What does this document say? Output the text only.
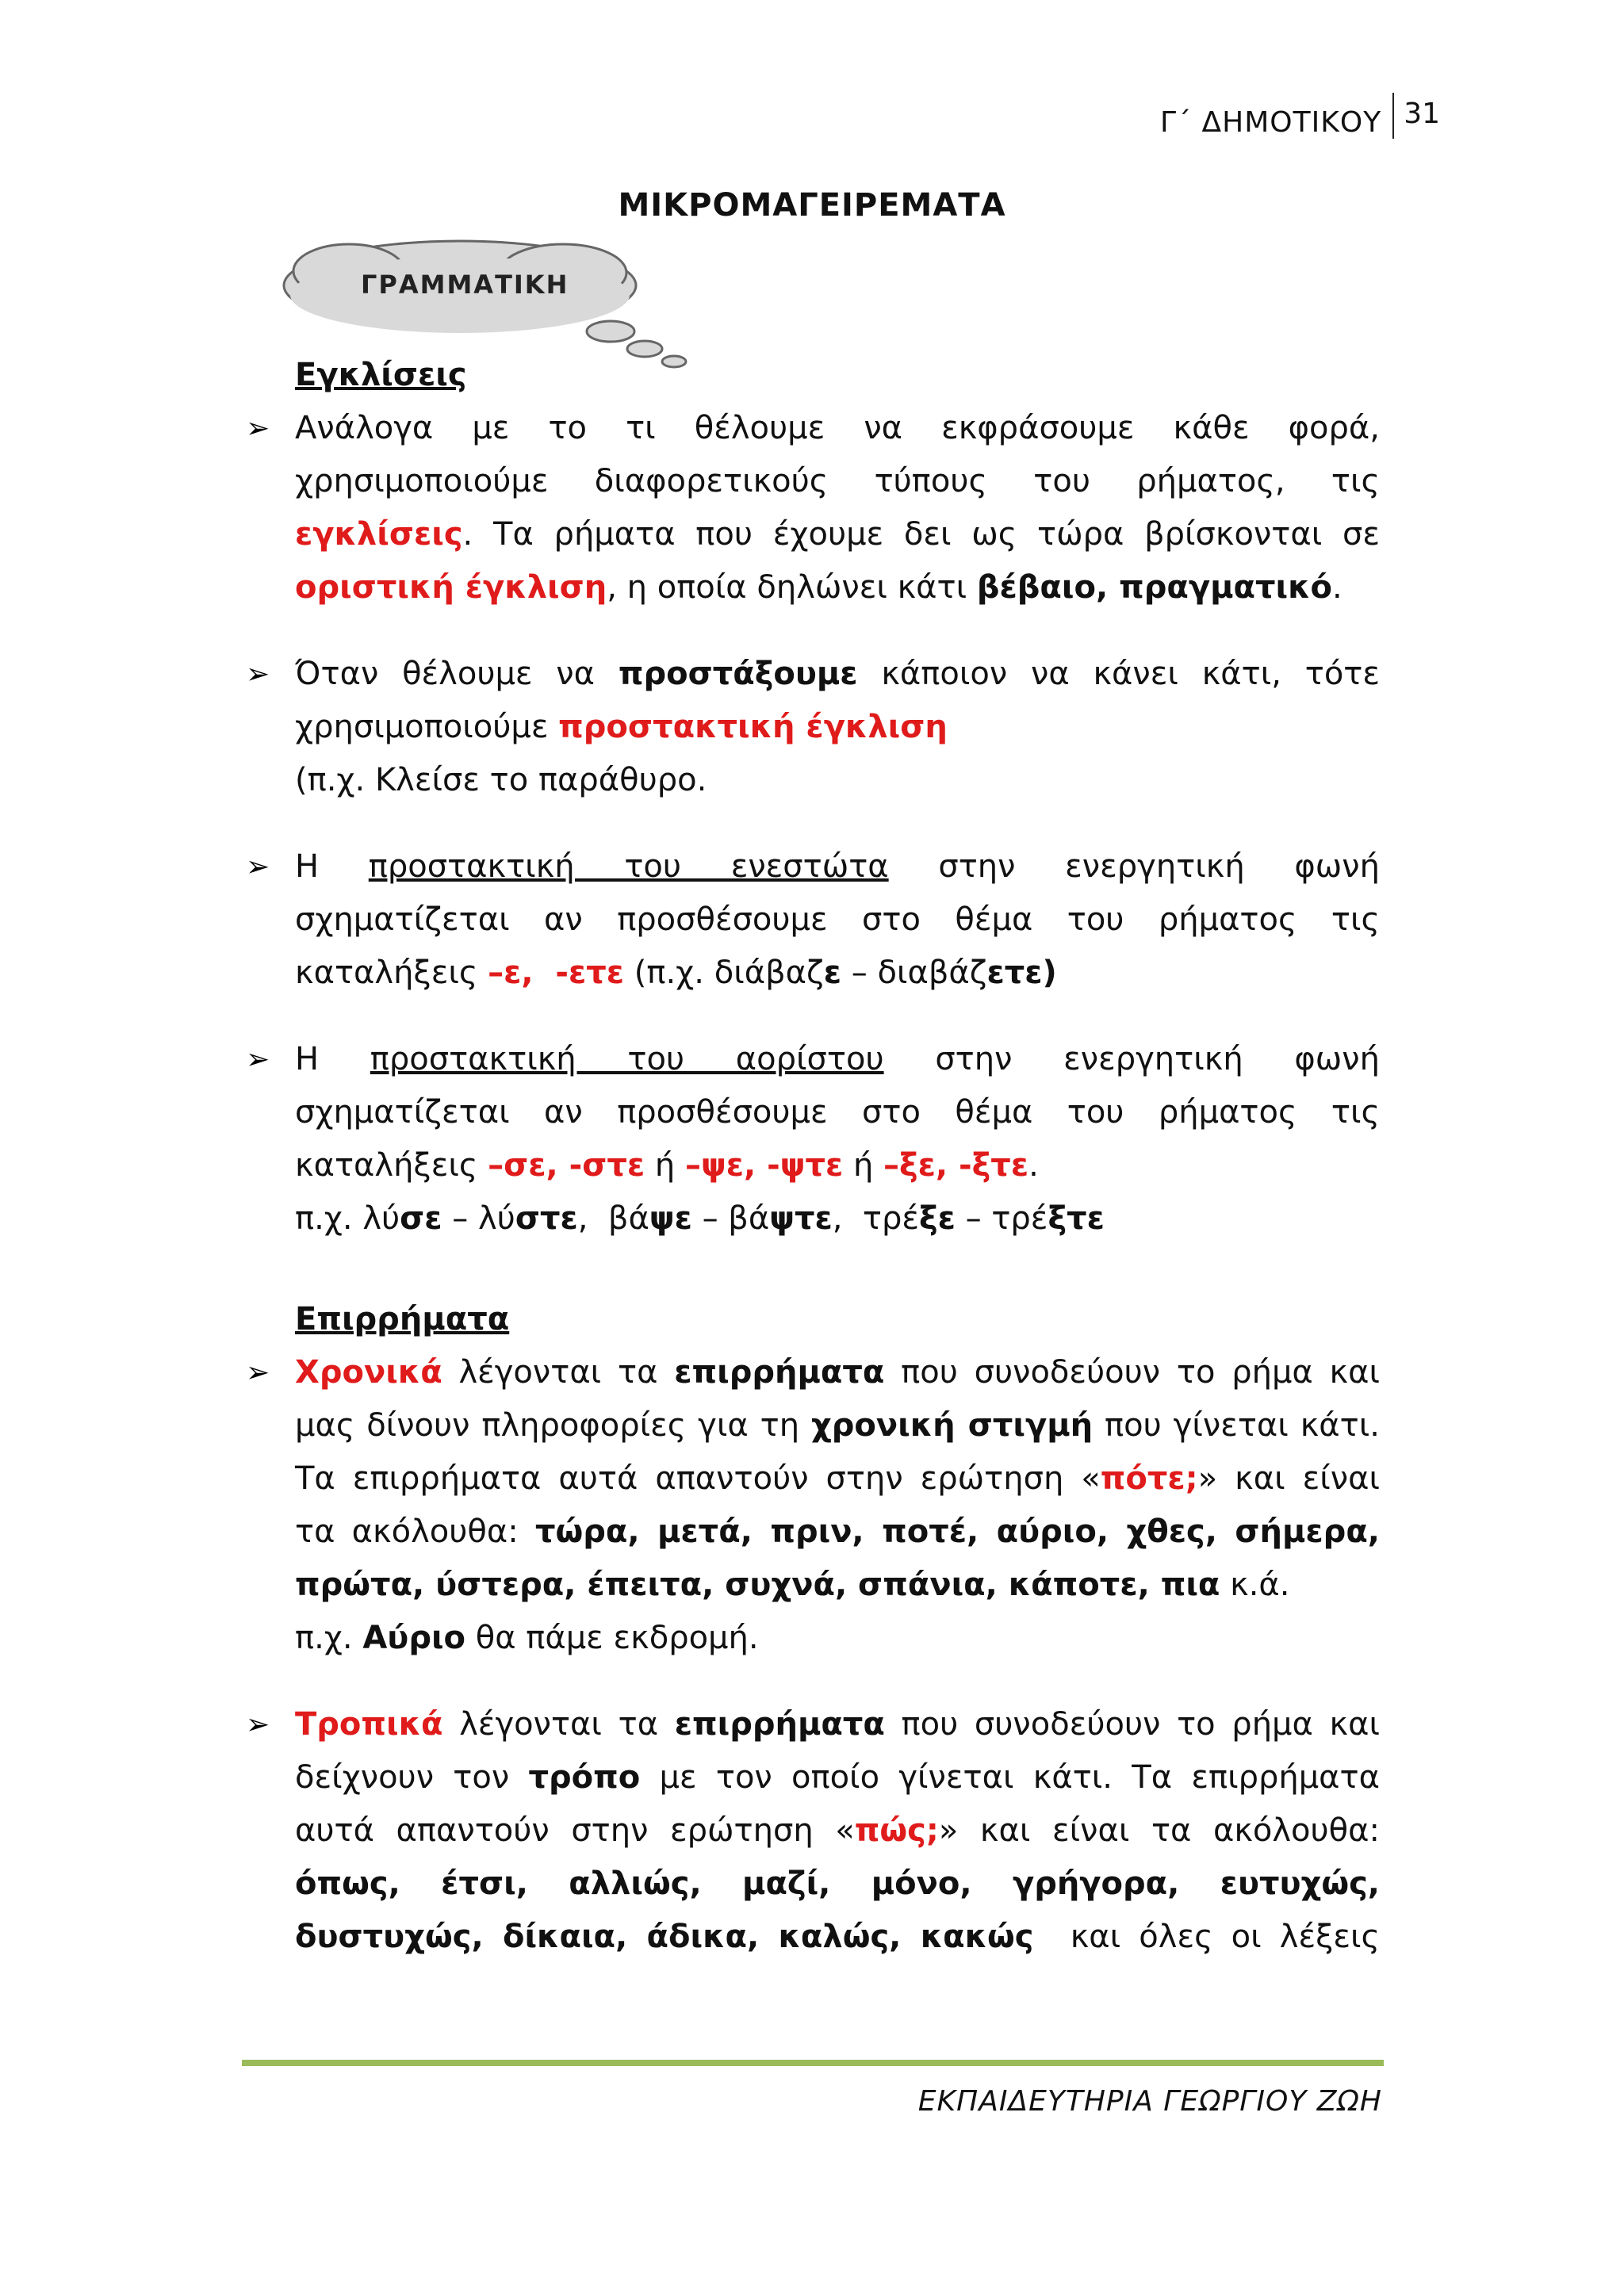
Γ΄ ΔΗΜΟΤΙΚΟΥ 31
ΜΙΚΡΟΜΑΓΕΙΡΕΜΑΤΑ
ΓΡΑΜΜΑΤΙΚΗ
Εγκλίσεις
➢ Ανάλογα με το τι θέλουμε να εκφράσουμε κάθε φορά,
χρησιμοποιούμε διαφορετικούς τύπους του ρήματος, τις
εγκλίσεις. Τα ρήματα που έχουμε δει ως τώρα βρίσκονται σε
οριστική έγκλιση, η οποία δηλώνει κάτι βέβαιο, πραγματικό.
➢ Όταν θέλουμε να προστάξουμε κάποιον να κάνει κάτι, τότε
χρησιμοποιούμε προστακτική έγκλιση
(π.χ. Κλείσε το παράθυρο.
➢ Η προστακτική του ενεστώτα στην ενεργητική φωνή
σχηματίζεται αν προσθέσουμε στο θέμα του ρήματος τις
καταλήξεις –ε,  -ετε (π.χ. διάβαζε – διαβάζετε)
➢ Η προστακτική του αορίστου στην ενεργητική φωνή
σχηματίζεται αν προσθέσουμε στο θέμα του ρήματος τις
καταλήξεις –σε, -στε ή –ψε, -ψτε ή –ξε, -ξτε.
π.χ. λύσε – λύστε,  βάψε – βάψτε,  τρέξε – τρέξτε
Επιρρήματα
➢ Χρονικά λέγονται τα επιρρήματα που συνοδεύουν το ρήμα και
μας δίνουν πληροφορίες για τη χρονική στιγμή που γίνεται κάτι.
Τα επιρρήματα αυτά απαντούν στην ερώτηση «πότε;» και είναι
τα ακόλουθα: τώρα, μετά, πριν, ποτέ, αύριο, χθες, σήμερα,
πρώτα, ύστερα, έπειτα, συχνά, σπάνια, κάποτε, πια κ.ά.
π.χ. Αύριο θα πάμε εκδρομή.
➢ Τροπικά λέγονται τα επιρρήματα που συνοδεύουν το ρήμα και
δείχνουν τον τρόπο με τον οποίο γίνεται κάτι. Τα επιρρήματα
αυτά απαντούν στην ερώτηση «πώς;» και είναι τα ακόλουθα:
όπως, έτσι, αλλιώς, μαζί, μόνο, γρήγορα, ευτυχώς,
δυστυχώς, δίκαια, άδικα, καλώς, κακώς  και όλες οι λέξεις
ΕΚΠΑΙΔΕΥΤΗΡΙΑ ΓΕΩΡΓΙΟΥ ΖΩΗ
